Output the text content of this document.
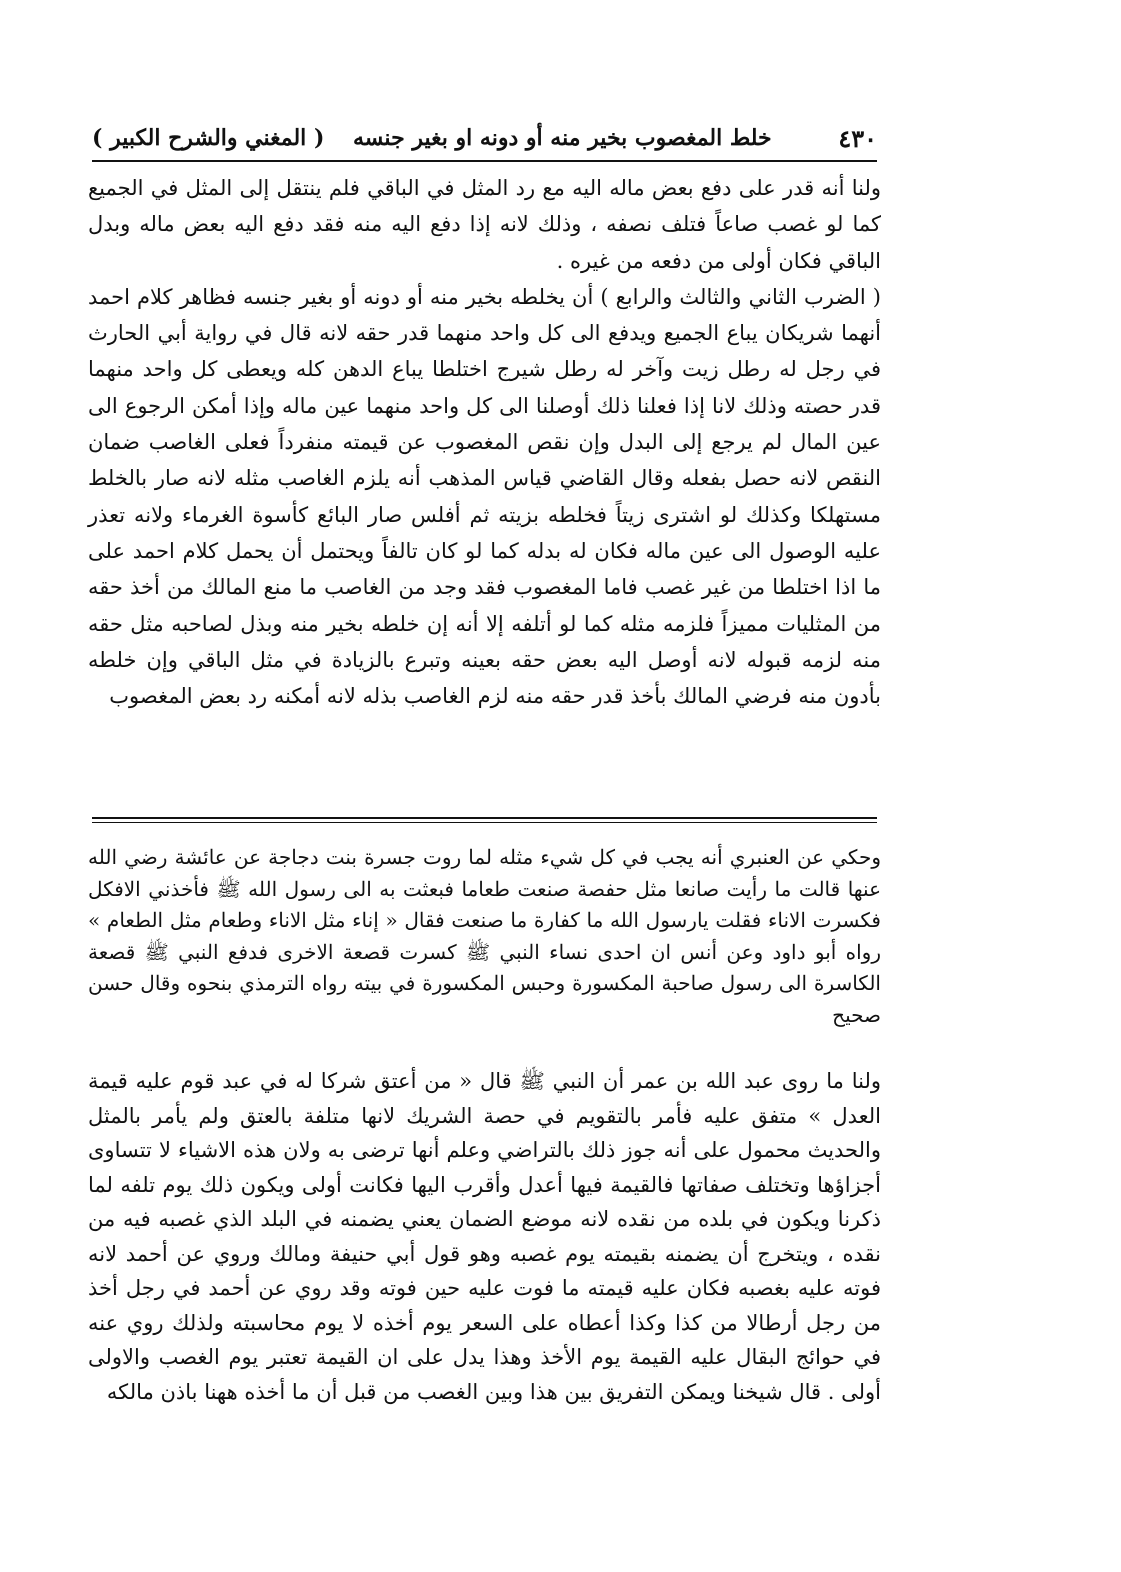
٤٣٠
خلط المغصوب بخير منه أو دونه او بغير جنسه
( المغني والشرح الكبير )

ولنا أنه قدر على دفع بعض ماله اليه مع رد المثل في الباقي فلم ينتقل إلى المثل في الجميع كما لو غصب صاعاً فتلف نصفه ، وذلك لانه إذا دفع اليه منه فقد دفع اليه بعض ماله وبدل الباقي فكان أولى من دفعه من غيره .

( الضرب الثاني والثالث والرابع ) أن يخلطه بخير منه أو دونه أو بغير جنسه فظاهر كلام احمد أنهما شريكان يباع الجميع ويدفع الى كل واحد منهما قدر حقه لانه قال في رواية أبي الحارث في رجل له رطل زيت وآخر له رطل شيرج اختلطا يباع الدهن كله ويعطى كل واحد منهما قدر حصته وذلك لانا إذا فعلنا ذلك أوصلنا الى كل واحد منهما عين ماله وإذا أمكن الرجوع الى عين المال لم يرجع إلى البدل وإن نقص المغصوب عن قيمته منفرداً فعلى الغاصب ضمان النقص لانه حصل بفعله وقال القاضي قياس المذهب أنه يلزم الغاصب مثله لانه صار بالخلط مستهلكا وكذلك لو اشترى زيتاً فخلطه بزيته ثم أفلس صار البائع كأسوة الغرماء ولانه تعذر عليه الوصول الى عين ماله فكان له بدله كما لو كان تالفاً ويحتمل أن يحمل كلام احمد على ما اذا اختلطا من غير غصب فاما المغصوب فقد وجد من الغاصب ما منع المالك من أخذ حقه من المثليات مميزاً فلزمه مثله كما لو أتلفه إلا أنه إن خلطه بخير منه وبذل لصاحبه مثل حقه منه لزمه قبوله لانه أوصل اليه بعض حقه بعينه وتبرع بالزيادة في مثل الباقي وإن خلطه بأدون منه فرضي المالك بأخذ قدر حقه منه لزم الغاصب بذله لانه أمكنه رد بعض المغصوب

وحكي عن العنبري أنه يجب في كل شيء مثله لما روت جسرة بنت دجاجة عن عائشة رضي الله عنها قالت ما رأيت صانعا مثل حفصة صنعت طعاما فبعثت به الى رسول الله ﷺ فأخذني الافكل فكسرت الاناء فقلت يارسول الله ما كفارة ما صنعت فقال « إناء مثل الاناء وطعام مثل الطعام » رواه أبو داود وعن أنس ان احدى نساء النبي ﷺ كسرت قصعة الاخرى فدفع النبي ﷺ قصعة الكاسرة الى رسول صاحبة المكسورة وحبس المكسورة في بيته رواه الترمذي بنحوه وقال حسن صحيح

ولنا ما روى عبد الله بن عمر أن النبي ﷺ قال « من أعتق شركا له في عبد قوم عليه قيمة العدل » متفق عليه فأمر بالتقويم في حصة الشريك لانها متلفة بالعتق ولم يأمر بالمثل والحديث محمول على أنه جوز ذلك بالتراضي وعلم أنها ترضى به ولان هذه الاشياء لا تتساوى أجزاؤها وتختلف صفاتها فالقيمة فيها أعدل وأقرب اليها فكانت أولى ويكون ذلك يوم تلفه لما ذكرنا ويكون في بلده من نقده لانه موضع الضمان يعني يضمنه في البلد الذي غصبه فيه من نقده ، ويتخرج أن يضمنه بقيمته يوم غصبه وهو قول أبي حنيفة ومالك وروي عن أحمد لانه فوته عليه بغصبه فكان عليه قيمته ما فوت عليه حين فوته وقد روي عن أحمد في رجل أخذ من رجل أرطالا من كذا وكذا أعطاه على السعر يوم أخذه لا يوم محاسبته ولذلك روي عنه في حوائج البقال عليه القيمة يوم الأخذ وهذا يدل على ان القيمة تعتبر يوم الغصب والاولى أولى . قال شيخنا ويمكن التفريق بين هذا وبين الغصب من قبل أن ما أخذه ههنا باذن مالكه
